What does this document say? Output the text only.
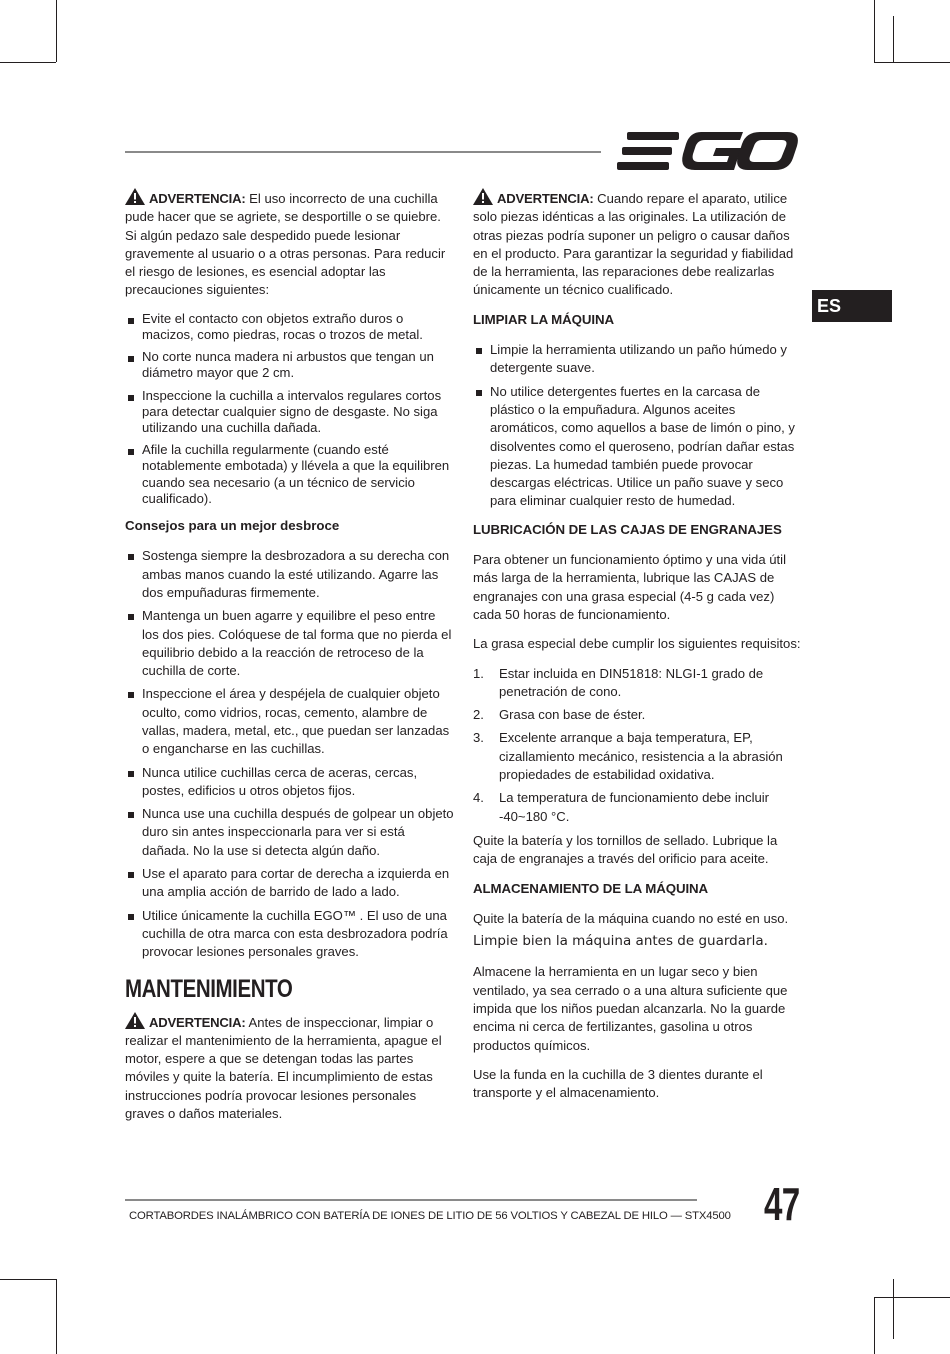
ES

ADVERTENCIA: El uso incorrecto de una cuchilla pude hacer que se agriete, se desportille o se quiebre. Si algún pedazo sale despedido puede lesionar gravemente al usuario o a otras personas. Para reducir el riesgo de lesiones, es esencial adoptar las precauciones siguientes:

Evite el contacto con objetos extraño duros o macizos, como piedras, rocas o trozos de metal.
No corte nunca madera ni arbustos que tengan un diámetro mayor que 2 cm.
Inspeccione la cuchilla a intervalos regulares cortos para detectar cualquier signo de desgaste. No siga utilizando una cuchilla dañada.
Afile la cuchilla regularmente (cuando esté notablemente embotada) y llévela a que la equilibren cuando sea necesario (a un técnico de servicio cualificado).
Consejos para un mejor desbroce
Sostenga siempre la desbrozadora a su derecha con ambas manos cuando la esté utilizando. Agarre las dos empuñaduras firmemente.
Mantenga un buen agarre y equilibre el peso entre los dos pies. Colóquese de tal forma que no pierda el equilibrio debido a la reacción de retroceso de la cuchilla de corte.
Inspeccione el área y despéjela de cualquier objeto oculto, como vidrios, rocas, cemento, alambre de vallas, madera, metal, etc., que puedan ser lanzadas o engancharse en las cuchillas.
Nunca utilice cuchillas cerca de aceras, cercas, postes, edificios u otros objetos fijos.
Nunca use una cuchilla después de golpear un objeto duro sin antes inspeccionarla para ver si está dañada. No la use si detecta algún daño.
Use el aparato para cortar de derecha a izquierda en una amplia acción de barrido de lado a lado.
Utilice únicamente la cuchilla EGO™ . El uso de una cuchilla de otra marca con esta desbrozadora podría provocar lesiones personales graves.
MANTENIMIENTO

ADVERTENCIA: Antes de inspeccionar, limpiar o realizar el mantenimiento de la herramienta, apague el motor, espere a que se detengan todas las partes móviles y quite la batería. El incumplimiento de estas instrucciones podría provocar lesiones personales graves o daños materiales.

ADVERTENCIA: Cuando repare el aparato, utilice solo piezas idénticas a las originales. La utilización de otras piezas podría suponer un peligro o causar daños en el producto. Para garantizar la seguridad y fiabilidad de la herramienta, las reparaciones debe realizarlas únicamente un técnico cualificado.

LIMPIAR LA MÁQUINA
Limpie la herramienta utilizando un paño húmedo y detergente suave.
No utilice detergentes fuertes en la carcasa de plástico o la empuñadura. Algunos aceites aromáticos, como aquellos a base de limón o pino, y disolventes como el queroseno, podrían dañar estas piezas. La humedad también puede provocar descargas eléctricas. Utilice un paño suave y seco para eliminar cualquier resto de humedad.
LUBRICACIÓN DE LAS CAJAS DE ENGRANAJES

Para obtener un funcionamiento óptimo y una vida útil más larga de la herramienta, lubrique las CAJAS de engranajes con una grasa especial (4-5 g cada vez) cada 50 horas de funcionamiento.

La grasa especial debe cumplir los siguientes requisitos:

1. Estar incluida en DIN51818: NLGI-1 grado de penetración de cono.
2. Grasa con base de éster.
3. Excelente arranque a baja temperatura, EP, cizallamiento mecánico, resistencia a la abrasión propiedades de estabilidad oxidativa.
4. La temperatura de funcionamiento debe incluir -40~180 °C.

Quite la batería y los tornillos de sellado. Lubrique la caja de engranajes a través del orificio para aceite.

ALMACENAMIENTO DE LA MÁQUINA

Quite la batería de la máquina cuando no esté en uso.

Limpie bien la máquina antes de guardarla.

Almacene la herramienta en un lugar seco y bien ventilado, ya sea cerrado o a una altura suficiente que impida que los niños puedan alcanzarla. No la guarde encima ni cerca de fertilizantes, gasolina u otros productos químicos.

Use la funda en la cuchilla de 3 dientes durante el transporte y el almacenamiento.

CORTABORDES INALÁMBRICO CON BATERÍA DE IONES DE LITIO DE 56 VOLTIOS Y CABEZAL DE HILO — STX4500 47
